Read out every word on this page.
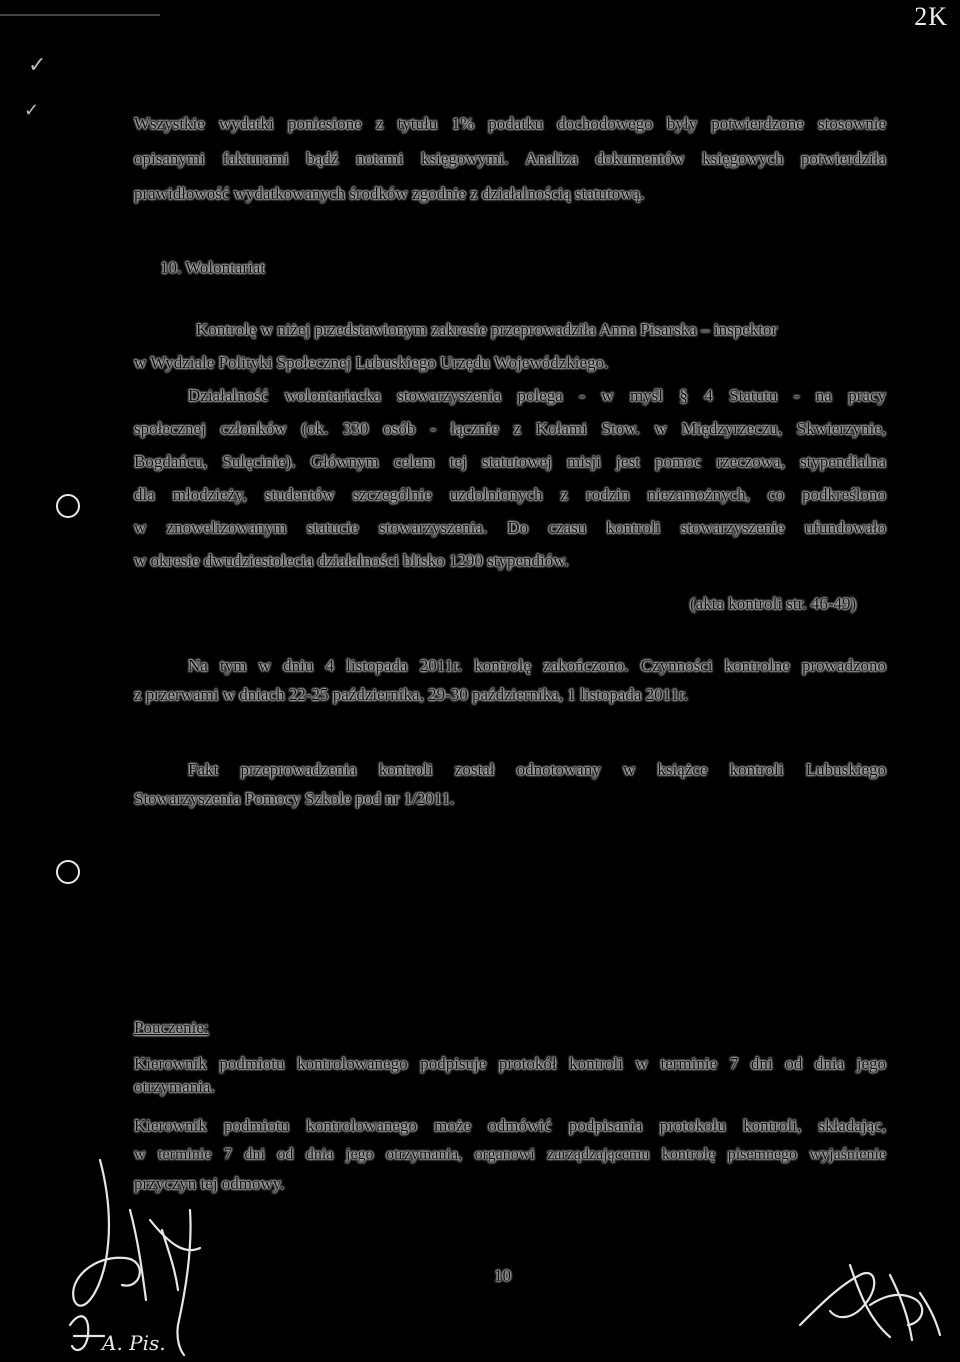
2K
✓
✓
Wszystkie wydatki poniesione z tytułu 1% podatku dochodowego były potwierdzone stosownie
opisanymi fakturami bądź notami księgowymi. Analiza dokumentów księgowych potwierdziła
prawidłowość wydatkowanych środków zgodnie z działalnością statutową.
10. Wolontariat
Kontrolę w niżej przedstawionym zakresie przeprowadziła Anna Pisarska – inspektor
w Wydziale Polityki Społecznej Lubuskiego Urzędu Wojewódzkiego.
Działalność wolontariacka stowarzyszenia polega - w myśl § 4 Statutu - na pracy
społecznej członków (ok. 330 osób - łącznie z Kołami Stow. w Międzyrzeczu, Skwierzynie,
Bogdańcu, Sulęcinie). Głównym celem tej statutowej misji jest pomoc rzeczowa, stypendialna
dla młodzieży, studentów szczególnie uzdolnionych z rodzin niezamożnych, co podkreślono
w znowelizowanym statucie stowarzyszenia. Do czasu kontroli stowarzyszenie ufundowało
w okresie dwudziestolecia działalności blisko 1290 stypendiów.
(akta kontroli str. 46-49)
Na tym w dniu 4 listopada 2011r. kontrolę zakończono. Czynności kontrolne prowadzono
z przerwami w dniach 22-25 października, 29-30 października, 1 listopada 2011r.
Fakt przeprowadzenia kontroli został odnotowany w książce kontroli Lubuskiego
Stowarzyszenia Pomocy Szkole pod nr 1/2011.
Pouczenie:
Kierownik podmiotu kontrolowanego podpisuje protokół kontroli w terminie 7 dni od dnia jego
otrzymania.
Kierownik podmiotu kontrolowanego może odmówić podpisania protokołu kontroli, składając,
w terminie 7 dni od dnia jego otrzymania, organowi zarządzającemu kontrolę pisemnego wyjaśnienie
przyczyn tej odmowy.
10
A. Pis.
